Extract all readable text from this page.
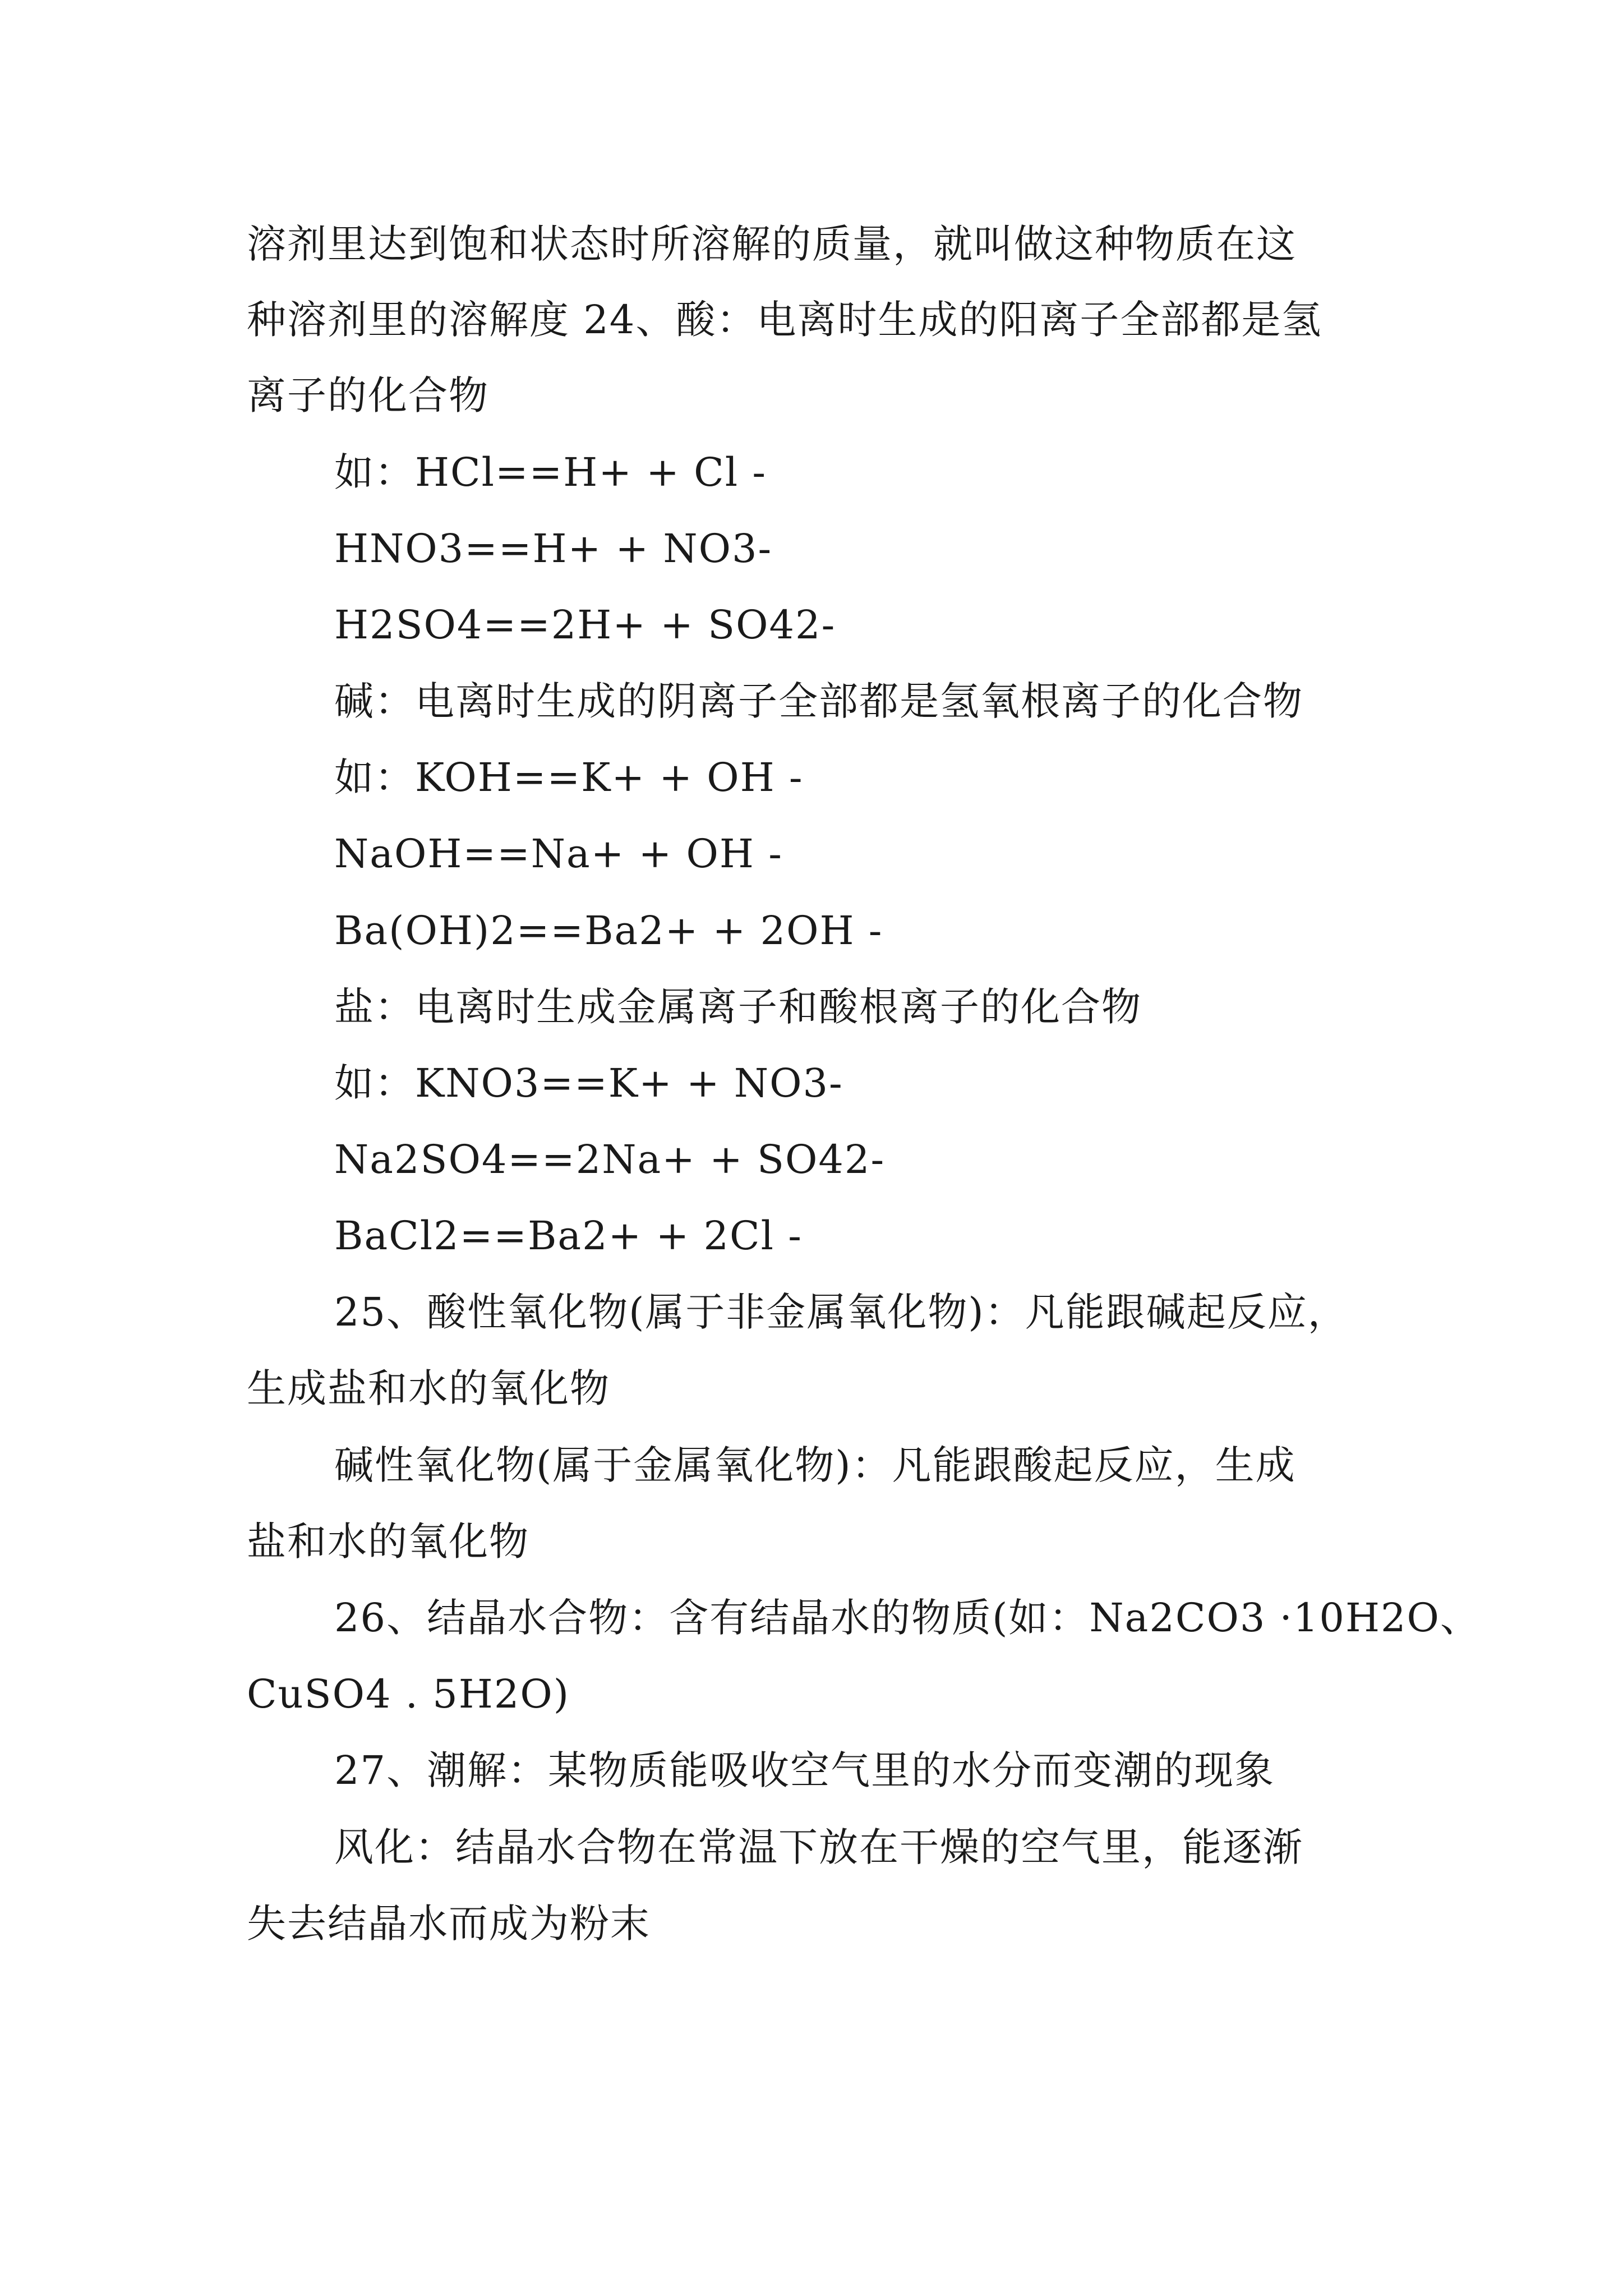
溶剂里达到饱和状态时所溶解的质量，就叫做这种物质在这
种溶剂里的溶解度 24、酸：电离时生成的阳离子全部都是氢
离子的化合物
如：HCl==H+ + Cl -
HNO3==H+ + NO3-
H2SO4==2H+ + SO42-
碱：电离时生成的阴离子全部都是氢氧根离子的化合物
如：KOH==K+ + OH -
NaOH==Na+ + OH -
Ba(OH)2==Ba2+ + 2OH -
盐：电离时生成金属离子和酸根离子的化合物
如：KNO3==K+ + NO3-
Na2SO4==2Na+ + SO42-
BaCl2==Ba2+ + 2Cl -
25、酸性氧化物(属于非金属氧化物)：凡能跟碱起反应，
生成盐和水的氧化物
碱性氧化物(属于金属氧化物)：凡能跟酸起反应，生成
盐和水的氧化物
26、结晶水合物：含有结晶水的物质(如：Na2CO3 ·10H2O、
CuSO4 . 5H2O)
27、潮解：某物质能吸收空气里的水分而变潮的现象
风化：结晶水合物在常温下放在干燥的空气里，能逐渐
失去结晶水而成为粉末
